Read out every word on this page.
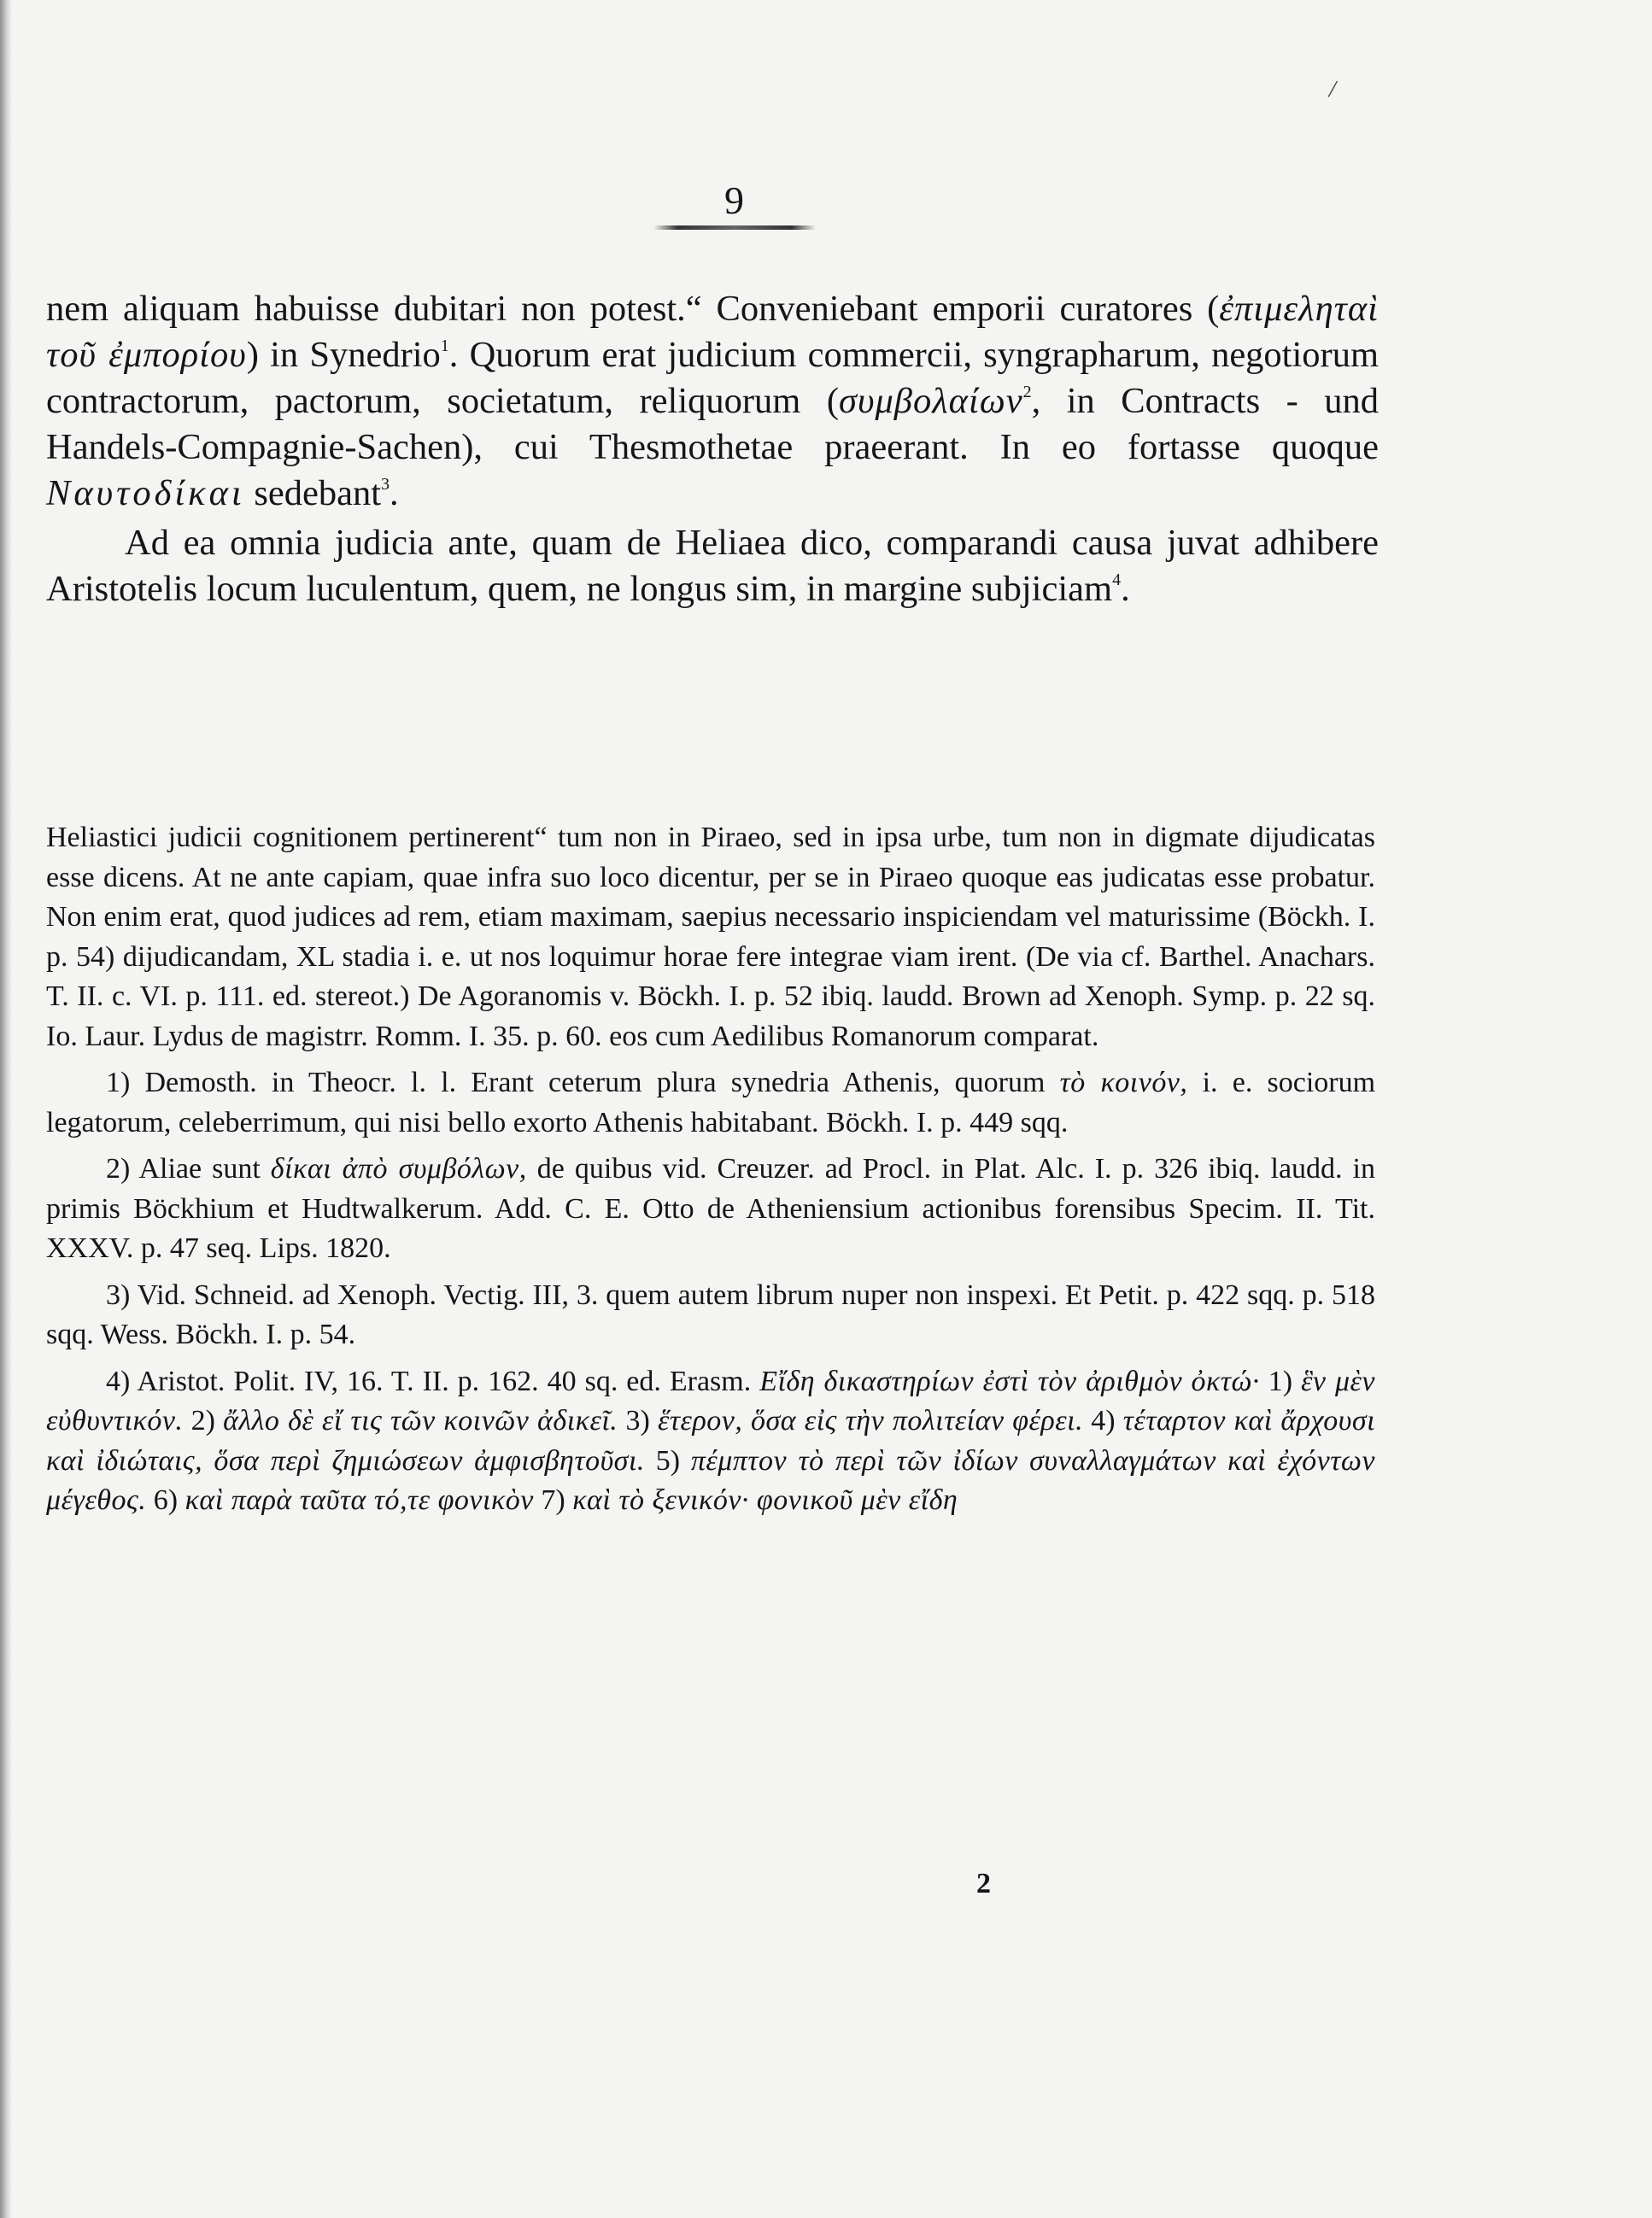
/
9

nem aliquam habuisse dubitari non potest.“ Conveniebant emporii curatores (ἐπιμεληταὶ τοῦ ἐμπορίου) in Synedrio$^1$. Quorum erat judicium commercii, syngrapharum, negotiorum contractorum, pactorum, societatum, reliquorum (συμβολαίων$^2$, in Contracts - und Handels-Compagnie-Sachen), cui Thesmothetae praeerant. In eo fortasse quoque Ναυτοδίκαι sedebant$^3$.

Ad ea omnia judicia ante, quam de Heliaea dico, comparandi causa juvat adhibere Aristotelis locum luculentum, quem, ne longus sim, in margine subjiciam$^4$.

Heliastici judicii cognitionem pertinerent“ tum non in Piraeo, sed in ipsa urbe, tum non in digmate dijudicatas esse dicens. At ne ante capiam, quae infra suo loco dicentur, per se in Piraeo quoque eas judicatas esse probatur. Non enim erat, quod judices ad rem, etiam maximam, saepius necessario inspiciendam vel maturissime (Böckh. I. p. 54) dijudicandam, XL stadia i. e. ut nos loquimur horae fere integrae viam irent. (De via cf. Barthel. Anachars. T. II. c. VI. p. 111. ed. stereot.) De Agoranomis v. Böckh. I. p. 52 ibiq. laudd. Brown ad Xenoph. Symp. p. 22 sq. Io. Laur. Lydus de magistrr. Romm. I. 35. p. 60. eos cum Aedilibus Romanorum comparat.

1) Demosth. in Theocr. l. l. Erant ceterum plura synedria Athenis, quorum τὸ κοινόν, i. e. sociorum legatorum, celeberrimum, qui nisi bello exorto Athenis habitabant. Böckh. I. p. 449 sqq.

2) Aliae sunt δίκαι ἀπὸ συμβόλων, de quibus vid. Creuzer. ad Procl. in Plat. Alc. I. p. 326 ibiq. laudd. in primis Böckhium et Hudtwalkerum. Add. C. E. Otto de Atheniensium actionibus forensibus Specim. II. Tit. XXXV. p. 47 seq. Lips. 1820.

3) Vid. Schneid. ad Xenoph. Vectig. III, 3. quem autem librum nuper non inspexi. Et Petit. p. 422 sqq. p. 518 sqq. Wess. Böckh. I. p. 54.

4) Aristot. Polit. IV, 16. T. II. p. 162. 40 sq. ed. Erasm. Εἴδη δικαστηρίων ἐστὶ τὸν ἀριθμὸν ὀκτώ· 1) ἓν μὲν εὐθυντικόν. 2) ἄλλο δὲ εἴ τις τῶν κοινῶν ἀδικεῖ. 3) ἕτερον, ὅσα εἰς τὴν πολιτείαν φέρει. 4) τέταρτον καὶ ἄρχουσι καὶ ἰδιώταις, ὅσα περὶ ζημιώσεων ἀμφισβητοῦσι. 5) πέμπτον τὸ περὶ τῶν ἰδίων συναλλαγμάτων καὶ ἐχόντων μέγεθος. 6) καὶ παρὰ ταῦτα τό,τε φονικὸν 7) καὶ τὸ ξενικόν· φονικοῦ μὲν εἴδη

2
